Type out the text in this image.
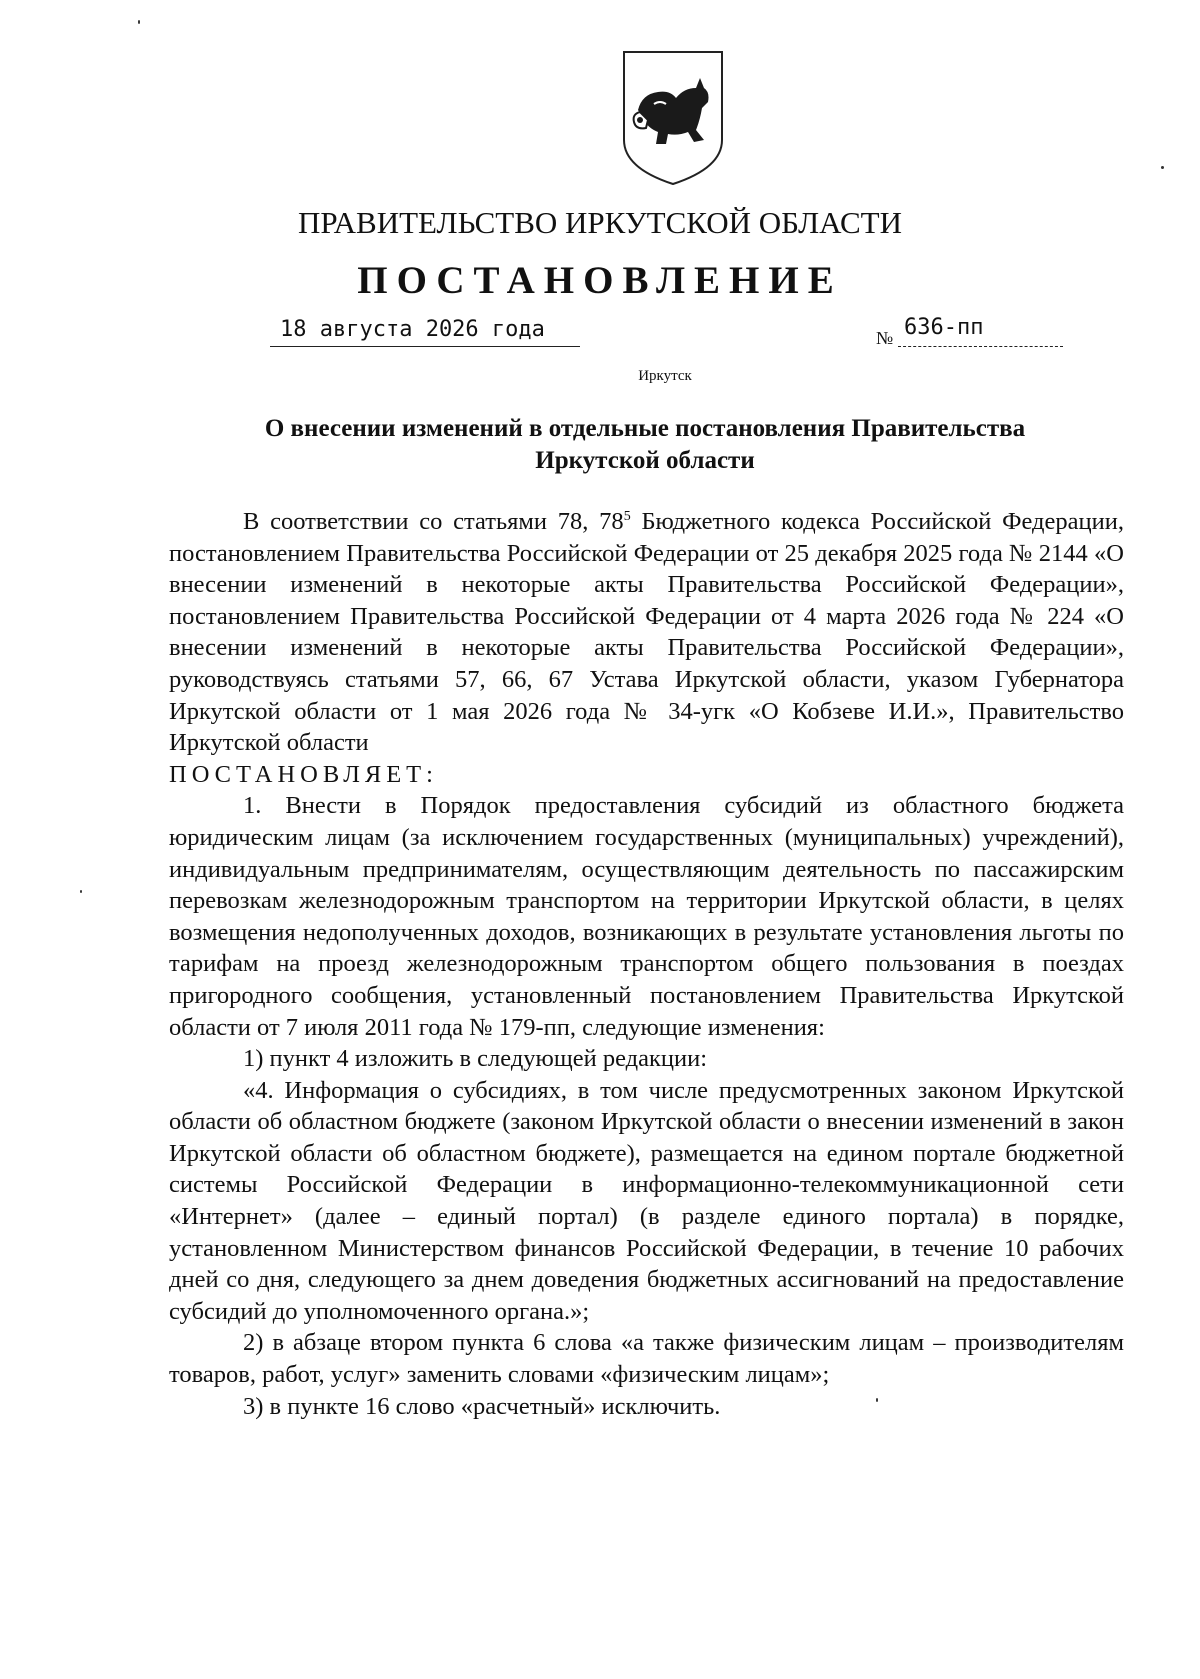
ПРАВИТЕЛЬСТВО ИРКУТСКОЙ ОБЛАСТИ
ПОСТАНОВЛЕНИЕ
18 августа 2026 года	№ 636-пп
Иркутск
О внесении изменений в отдельные постановления Правительства
Иркутской области

В соответствии со статьями 78, $78^5$ Бюджетного кодекса Российской Федерации, постановлением Правительства Российской Федерации от 25 декабря 2025 года № 2144 «О внесении изменений в некоторые акты Правительства Российской Федерации», постановлением Правительства Российской Федерации от 4 марта 2026 года № 224 «О внесении изменений в некоторые акты Правительства Российской Федерации», руководствуясь статьями 57, 66, 67 Устава Иркутской области, указом Губернатора Иркутской области от 1 мая 2026 года № 34-угк «О Кобзеве И.И.», Правительство Иркутской области

ПОСТАНОВЛЯЕТ:

1. Внести в Порядок предоставления субсидий из областного бюджета юридическим лицам (за исключением государственных (муниципальных) учреждений), индивидуальным предпринимателям, осуществляющим деятельность по пассажирским перевозкам железнодорожным транспортом на территории Иркутской области, в целях возмещения недополученных доходов, возникающих в результате установления льготы по тарифам на проезд железнодорожным транспортом общего пользования в поездах пригородного сообщения, установленный постановлением Правительства Иркутской области от 7 июля 2011 года № 179-пп, следующие изменения:

1) пункт 4 изложить в следующей редакции:

«4. Информация о субсидиях, в том числе предусмотренных законом Иркутской области об областном бюджете (законом Иркутской области о внесении изменений в закон Иркутской области об областном бюджете), размещается на едином портале бюджетной системы Российской Федерации в информационно-телекоммуникационной сети «Интернет» (далее – единый портал) (в разделе единого портала) в порядке, установленном Министерством финансов Российской Федерации, в течение 10 рабочих дней со дня, следующего за днем доведения бюджетных ассигнований на предоставление субсидий до уполномоченного органа.»;

2) в абзаце втором пункта 6 слова «а также физическим лицам – производителям товаров, работ, услуг» заменить словами «физическим лицам»;

3) в пункте 16 слово «расчетный» исключить.
